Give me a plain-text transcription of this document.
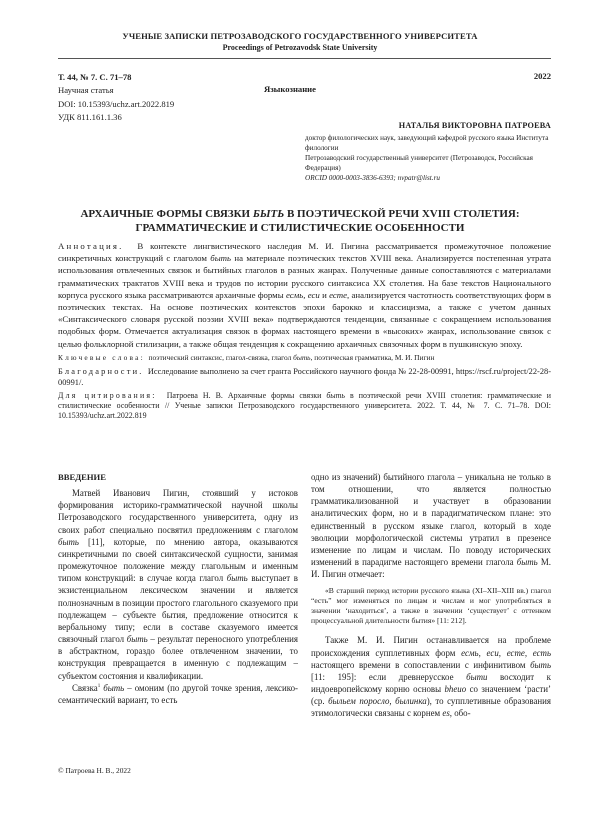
УЧЕНЫЕ ЗАПИСКИ ПЕТРОЗАВОДСКОГО ГОСУДАРСТВЕННОГО УНИВЕРСИТЕТА
Proceedings of Petrozavodsk State University
Т. 44, № 7. С. 71–78
Научная статья
DOI: 10.15393/uchz.art.2022.819
УДК 811.161.1.36
2022
Языкознание
НАТАЛЬЯ ВИКТОРОВНА ПАТРОЕВА
доктор филологических наук, заведующий кафедрой русского языка Института филологии
Петрозаводский государственный университет (Петрозаводск, Российская Федерация)
ORCID 0000-0003-3836-6393; nvpatr@list.ru
АРХАИЧНЫЕ ФОРМЫ СВЯЗКИ БЫТЬ В ПОЭТИЧЕСКОЙ РЕЧИ XVIII СТОЛЕТИЯ:
ГРАММАТИЧЕСКИЕ И СТИЛИСТИЧЕСКИЕ ОСОБЕННОСТИ

Аннотация. В контексте лингвистического наследия М. И. Пигина рассматривается промежуточное положение синкретичных конструкций с глаголом быть на материале поэтических текстов XVIII века. Анализируется постепенная утрата использования отвлеченных связок и бытийных глаголов в разных жанрах. Полученные данные сопоставляются с материалами грамматических трактатов XVIII века и трудов по истории русского синтаксиса XX столетия. На базе текстов Национального корпуса русского языка рассматриваются архаичные формы есмь, еси и есте, анализируется частотность соответствующих форм в поэтических текстах. На основе поэтических контекстов эпохи барокко и классицизма, а также с учетом данных «Синтаксического словаря русской поэзии XVIII века» подтверждаются тенденции, связанные с сокращением использования подобных форм. Отмечается актуализация связок в формах настоящего времени в «высоких» жанрах, использование связок с целью фольклорной стилизации, а также общая тенденция к сокращению архаичных связочных форм в пушкинскую эпоху.

Ключевые слова: поэтический синтаксис, глагол-связка, глагол быть, поэтическая грамматика, М. И. Пигин

Благодарности. Исследование выполнено за счет гранта Российского научного фонда № 22-28-00991, https://rscf.ru/project/22-28-00991/.

Для цитирования: Патроева Н. В. Архаичные формы связки быть в поэтической речи XVIII столетия: грамматические и стилистические особенности // Ученые записки Петрозаводского государственного университета. 2022. Т. 44, № 7. С. 71–78. DOI: 10.15393/uchz.art.2022.819

ВВЕДЕНИЕ

Матвей Иванович Пигин, стоявший у истоков формирования историко-грамматической научной школы Петрозаводского государственного университета, одну из своих работ специально посвятил предложениям с глаголом быть [11], которые, по мнению автора, оказываются синкретичными по своей синтаксической сущности, занимая промежуточное положение между глагольным и именным типом конструкций: в случае когда глагол быть выступает в экзистенциальном лексическом значении и является полнозначным в позиции простого глагольного сказуемого при подлежащем – субъекте бытия, предложение относится к вербальному типу; если в составе сказуемого имеется связочный глагол быть – результат переносного употребления в абстрактном, гораздо более отвлеченном значении, то конструкция превращается в именную с подлежащим – субъектом состояния и квалификации.

Связка$^1$ быть – омоним (по другой точке зрения, лексико-семантический вариант, то есть

одно из значений) бытийного глагола – уникальна не только в том отношении, что является полностью грамматикализованной и участвует в образовании аналитических форм, но и в парадигматическом плане: это единственный в русском языке глагол, который в ходе эволюции морфологической системы утратил в презенсе изменение по лицам и числам. По поводу исторических изменений в парадигме настоящего времени глагола быть М. И. Пигин отмечает:

«В старший период истории русского языка (XI–XII–XIII вв.) глагол “есть” мог изменяться по лицам и числам и мог употребляться в значении ‘находиться’, а также в значении ‘существует’ с оттенком процессуальной длительности бытия» [11: 212].

Также М. И. Пигин останавливается на проблеме происхождения супплетивных форм есмь, еси, есте, есть настоящего времени в сопоставлении с инфинитивом быть [11: 195]: если древнерусское быти восходит к индоевропейскому корню основы bheuo со значением ‘расти’ (ср. быльем поросло, былинка), то супплетивные образования этимологически связаны с корнем es, обо-

© Патроева Н. В., 2022
